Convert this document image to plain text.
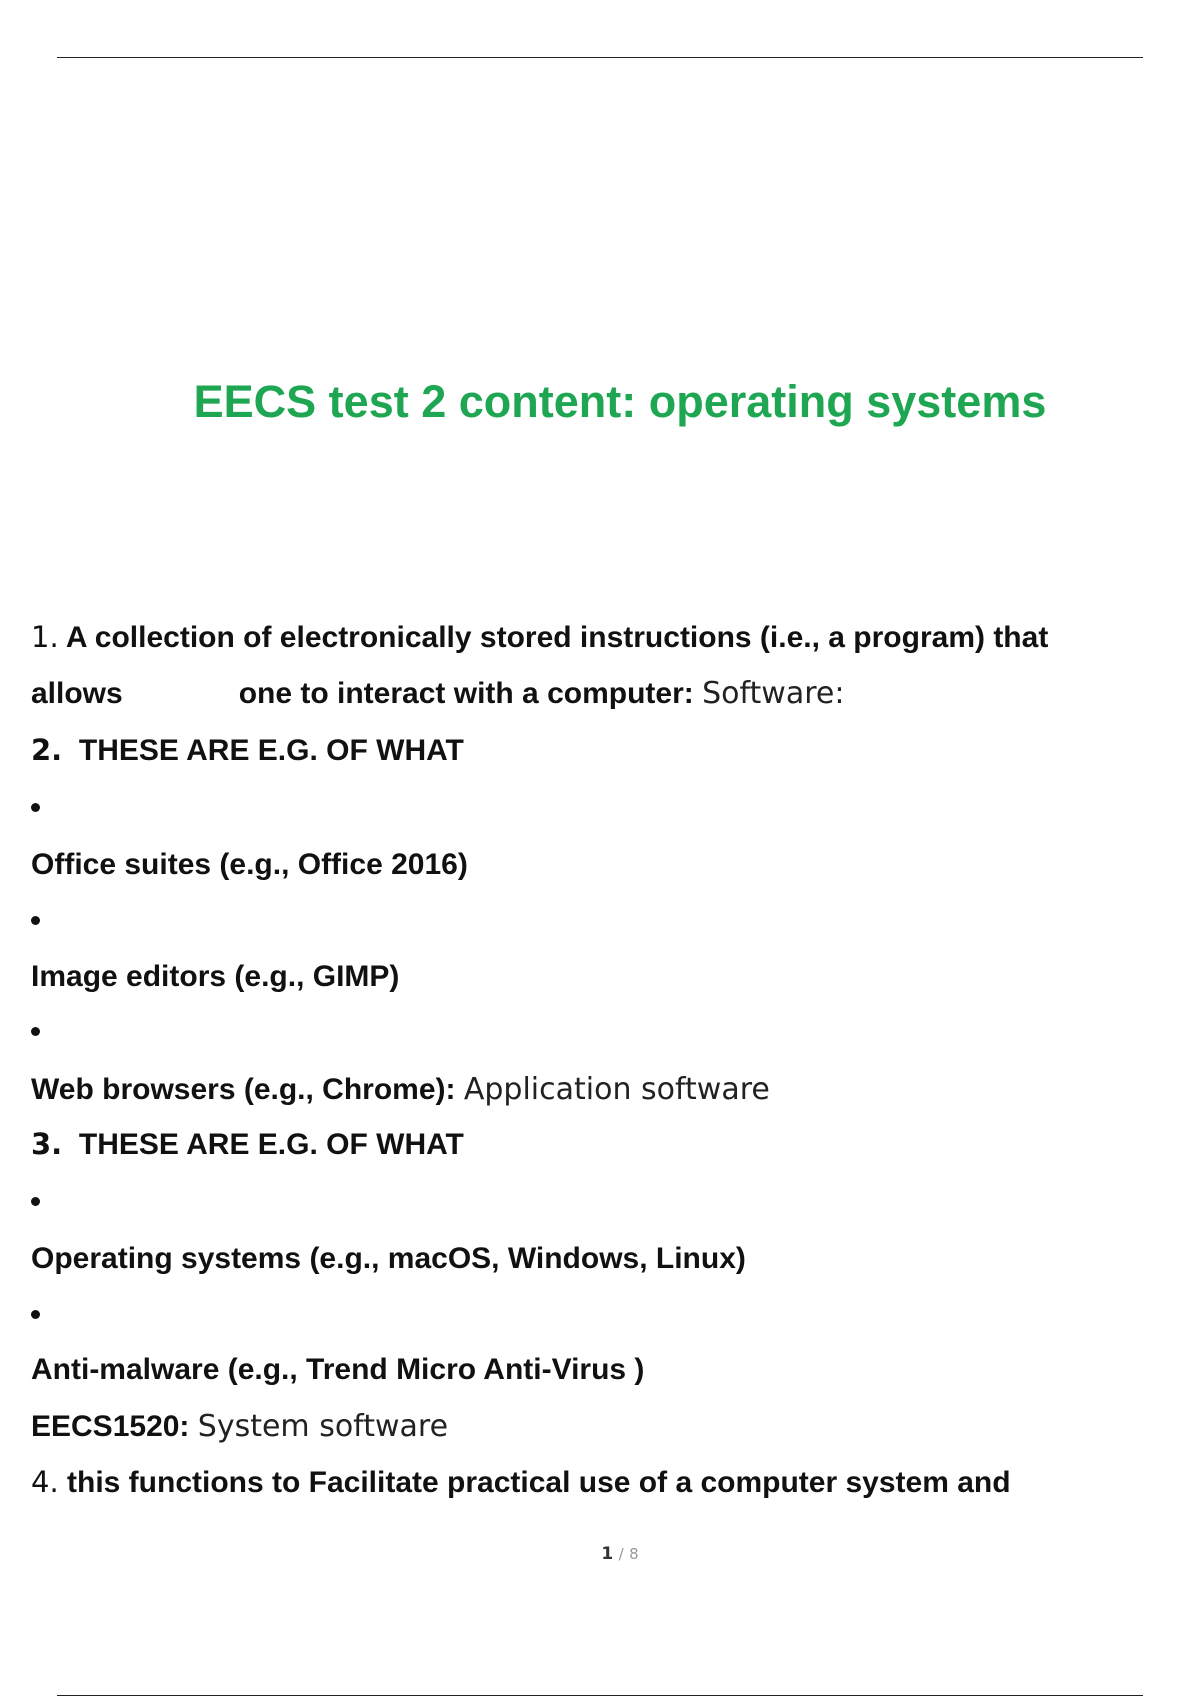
EECS test 2 content: operating systems
1. A collection of electronically stored instructions (i.e., a program) that
allows	one to interact with a computer: Software:
2. THESE ARE E.G. OF WHAT
Office suites (e.g., Office 2016)
Image editors (e.g., GIMP)
Web browsers (e.g., Chrome): Application software
3. THESE ARE E.G. OF WHAT
Operating systems (e.g., macOS, Windows, Linux)
Anti-malware (e.g., Trend Micro Anti-Virus )
EECS1520: System software
4. this functions to Facilitate practical use of a computer system and
1 / 8
